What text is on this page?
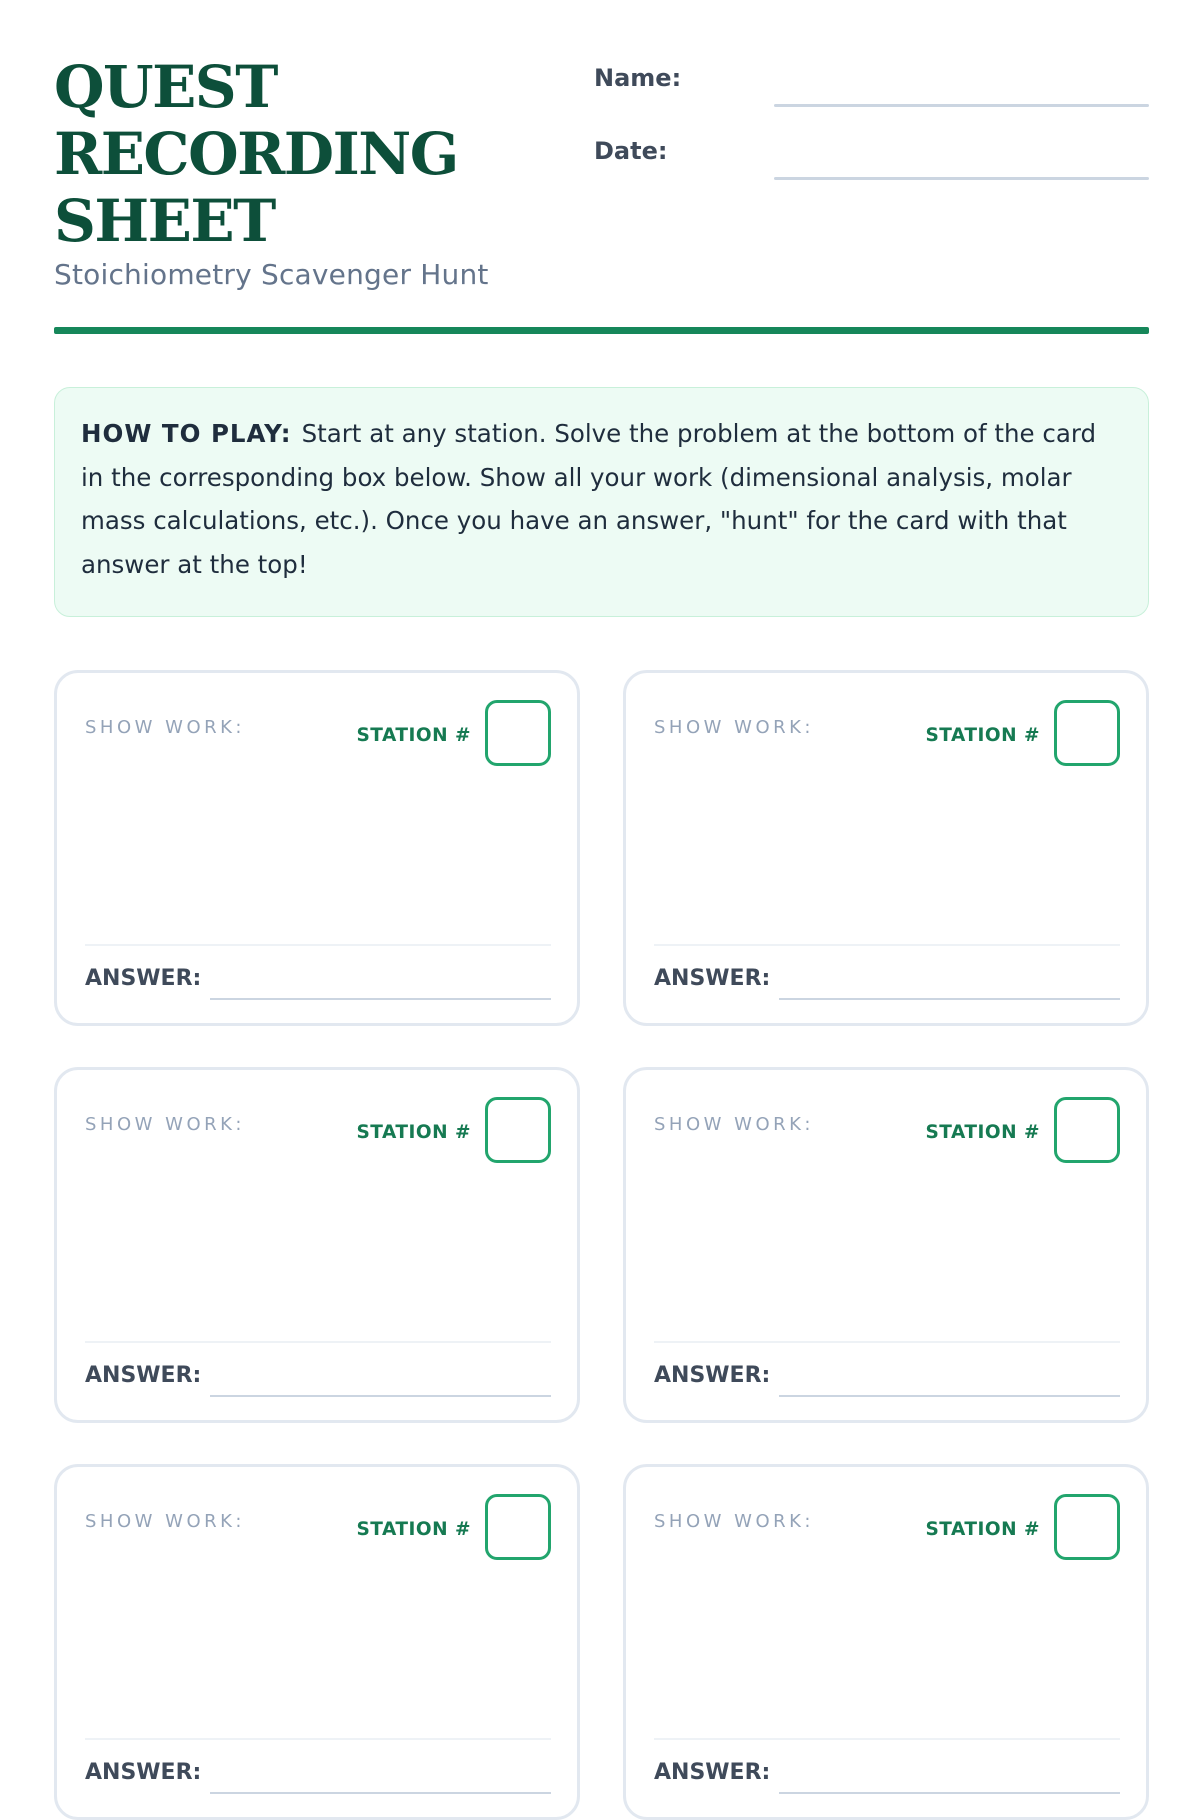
QUEST
RECORDING
SHEET
Stoichiometry Scavenger Hunt
Name:
Date:
HOW TO PLAY: Start at any station. Solve the problem at the bottom of the card in the corresponding box below. Show all your work (dimensional analysis, molar mass calculations, etc.). Once you have an answer, "hunt" for the card with that answer at the top!
SHOW WORK:	STATION #
ANSWER:
SHOW WORK:	STATION #
ANSWER:
SHOW WORK:	STATION #
ANSWER:
SHOW WORK:	STATION #
ANSWER:
SHOW WORK:	STATION #
ANSWER:
SHOW WORK:	STATION #
ANSWER:
